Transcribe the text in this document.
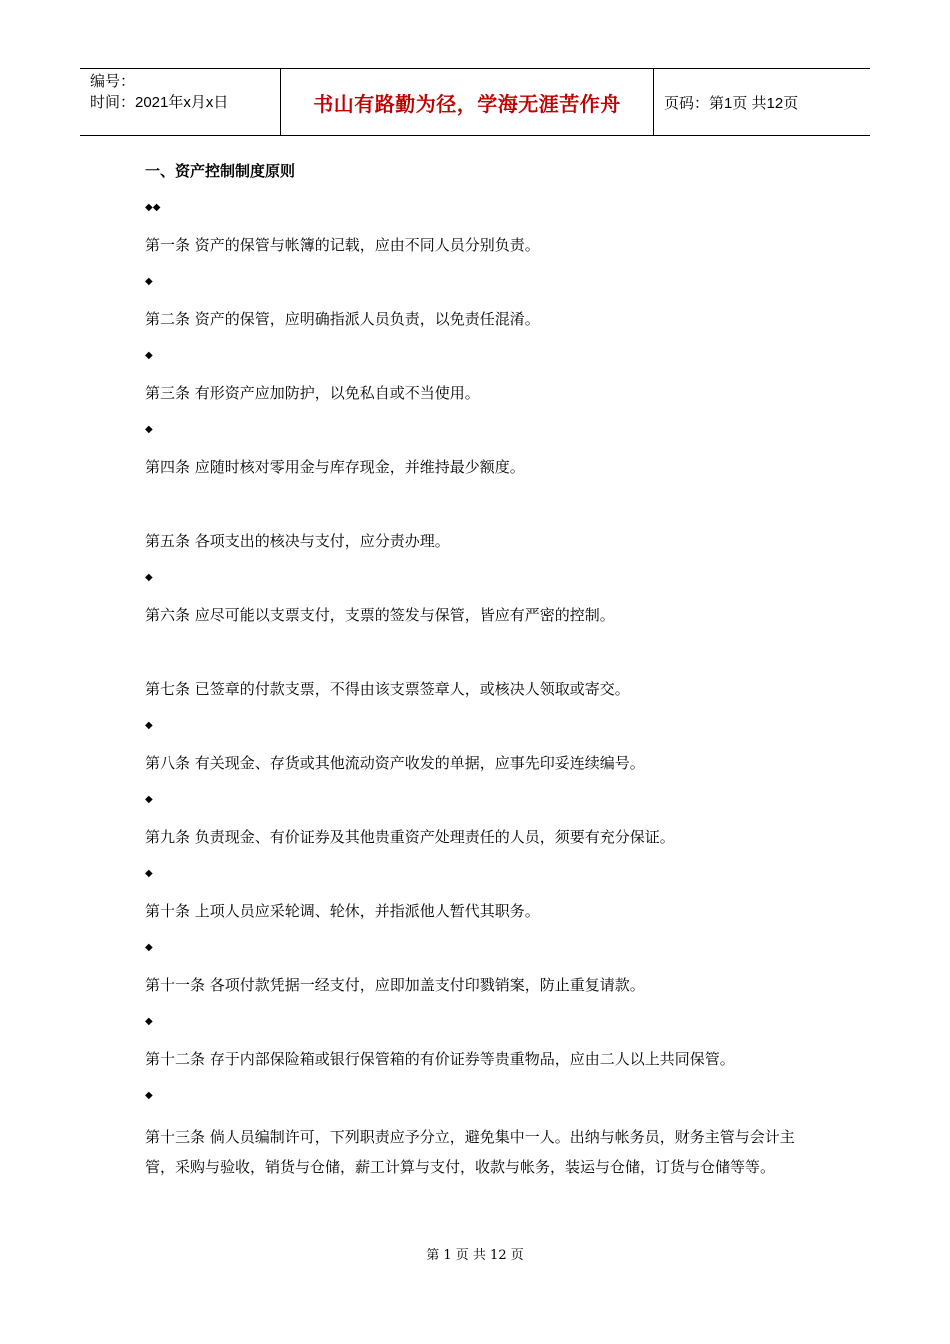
编号：
时间：2021年x月x日	书山有路勤为径，学海无涯苦作舟	页码：第1页 共12页
一、资产控制制度原则
◆◆
第一条 资产的保管与帐簿的记载，应由不同人员分别负责。
◆
第二条 资产的保管，应明确指派人员负责，以免责任混淆。
◆
第三条 有形资产应加防护，以免私自或不当使用。
◆
第四条 应随时核对零用金与库存现金，并维持最少额度。
第五条 各项支出的核决与支付，应分责办理。
◆
第六条 应尽可能以支票支付，支票的签发与保管，皆应有严密的控制。
第七条 已签章的付款支票，不得由该支票签章人，或核决人领取或寄交。
◆
第八条 有关现金、存货或其他流动资产收发的单据，应事先印妥连续编号。
◆
第九条 负责现金、有价证券及其他贵重资产处理责任的人员，须要有充分保证。
◆
第十条 上项人员应采轮调、轮休，并指派他人暂代其职务。
◆
第十一条 各项付款凭据一经支付，应即加盖支付印戮销案，防止重复请款。
◆
第十二条 存于内部保险箱或银行保管箱的有价证券等贵重物品，应由二人以上共同保管。
◆
第十三条 倘人员编制许可，下列职责应予分立，避免集中一人。出纳与帐务员，财务主管与会计主管，采购与验收，销货与仓储，薪工计算与支付，收款与帐务，装运与仓储，订货与仓储等等。
第 1 页 共 12 页
